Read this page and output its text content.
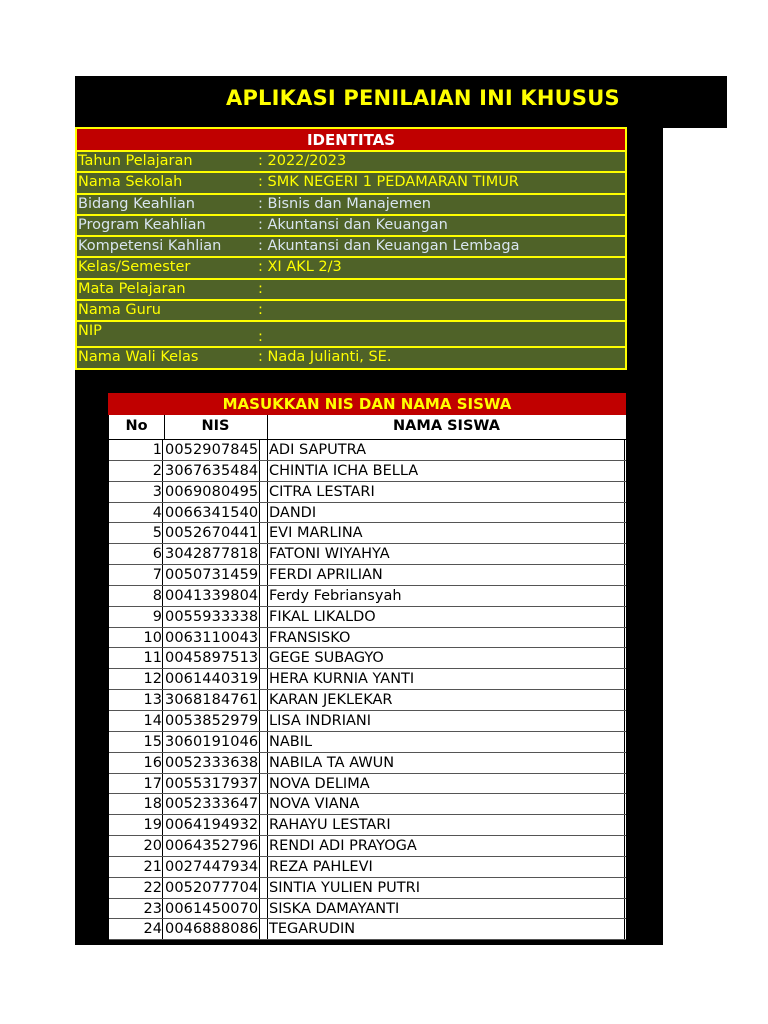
APLIKASI PENILAIAN INI KHUSUS
IDENTITAS
Tahun Pelajaran	: 2022/2023
Nama Sekolah	: SMK NEGERI 1 PEDAMARAN TIMUR
Bidang Keahlian	: Bisnis dan Manajemen
Program Keahlian	: Akuntansi dan Keuangan
Kompetensi Kahlian	: Akuntansi dan Keuangan Lembaga
Kelas/Semester	: XI AKL 2/3
Mata Pelajaran	:
Nama Guru	:
NIP	:
Nama Wali Kelas	: Nada Julianti, SE.
MASUKKAN NIS DAN NAMA SISWA
No	NIS	NAMA SISWA
1 0052907845 ADI SAPUTRA
2 3067635484 CHINTIA ICHA BELLA
3 0069080495 CITRA LESTARI
4 0066341540 DANDI
5 0052670441 EVI MARLINA
6 3042877818 FATONI WIYAHYA
7 0050731459 FERDI APRILIAN
8 0041339804 Ferdy Febriansyah
9 0055933338 FIKAL LIKALDO
10 0063110043 FRANSISKO
11 0045897513 GEGE SUBAGYO
12 0061440319 HERA KURNIA YANTI
13 3068184761 KARAN JEKLEKAR
14 0053852979 LISA INDRIANI
15 3060191046 NABIL
16 0052333638 NABILA TA AWUN
17 0055317937 NOVA DELIMA
18 0052333647 NOVA VIANA
19 0064194932 RAHAYU LESTARI
20 0064352796 RENDI ADI PRAYOGA
21 0027447934 REZA PAHLEVI
22 0052077704 SINTIA YULIEN PUTRI
23 0061450070 SISKA DAMAYANTI
24 0046888086 TEGARUDIN
